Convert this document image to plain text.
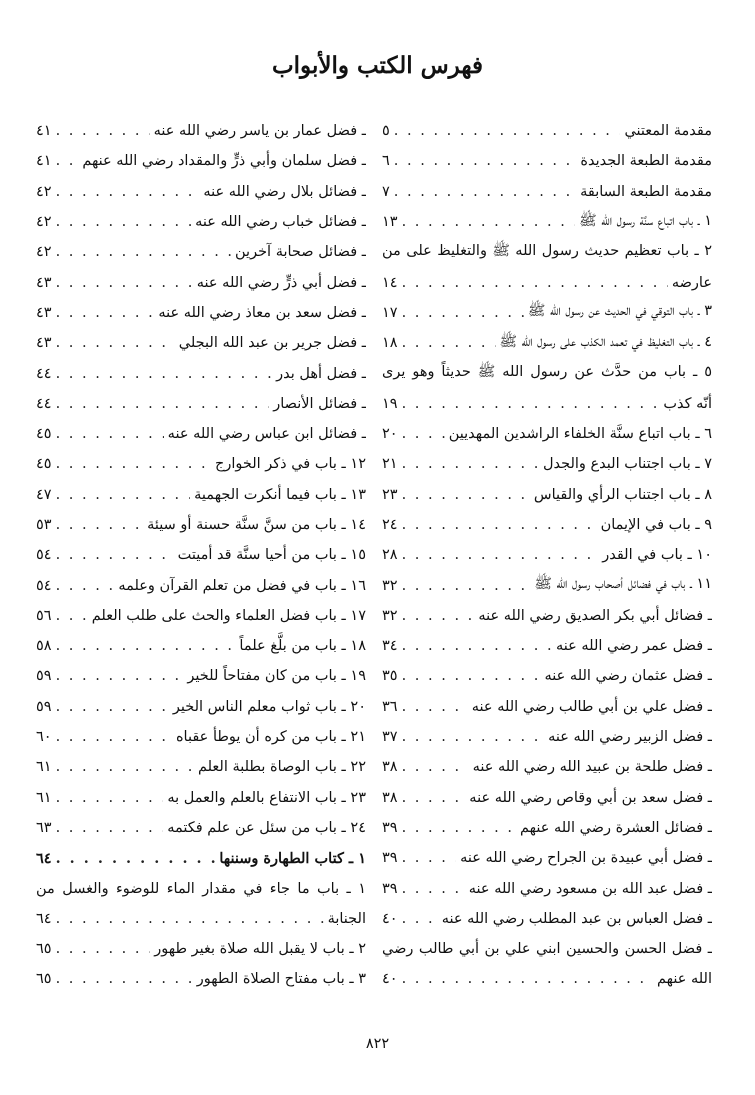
فهرس الكتب والأبواب
مقدمة المعتني
. . .
٥
مقدمة الطبعة الجديدة
. . .
٦
مقدمة الطبعة السابقة
. . .
٧
١ ـ باب اتباع سنَّة رسول الله ﷺ
. . .
١٣
٢ ـ باب تعظيم حديث رسول الله ﷺ والتغليظ على من
عارضه
. . .
١٤
٣ ـ باب التوقي في الحديث عن رسول الله ﷺ
. . .
١٧
٤ ـ باب التغليظ في تعمد الكذب على رسول الله ﷺ
. . .
١٨
٥ ـ باب من حدَّث عن رسول الله ﷺ حديثاً وهو يرى
أنّه كذب
. . .
١٩
٦ ـ باب اتباع سنَّة الخلفاء الراشدين المهديين
. . .
٢٠
٧ ـ باب اجتناب البدع والجدل
. . .
٢١
٨ ـ باب اجتناب الرأي والقياس
. . .
٢٣
٩ ـ باب في الإيمان
. . .
٢٤
١٠ ـ باب في القدر
. . .
٢٨
١١ ـ باب في فضائل أصحاب رسول الله ﷺ
. . .
٣٢
ـ فضائل أبي بكر الصديق رضي الله عنه
. . .
٣٢
ـ فضل عمر رضي الله عنه
. . .
٣٤
ـ فضل عثمان رضي الله عنه
. . .
٣٥
ـ فضل علي بن أبي طالب رضي الله عنه
. . .
٣٦
ـ فضل الزبير رضي الله عنه
. . .
٣٧
ـ فضل طلحة بن عبيد الله رضي الله عنه
. . .
٣٨
ـ فضل سعد بن أبي وقاص رضي الله عنه
. . .
٣٨
ـ فضائل العشرة رضي الله عنهم
. . .
٣٩
ـ فضل أبي عبيدة بن الجراح رضي الله عنه
. . .
٣٩
ـ فضل عبد الله بن مسعود رضي الله عنه
. . .
٣٩
ـ فضل العباس بن عبد المطلب رضي الله عنه
. . .
٤٠
ـ فضل الحسن والحسين ابني علي بن أبي طالب رضي
الله عنهم
. . .
٤٠
ـ فضل عمار بن ياسر رضي الله عنه
. . .
٤١
ـ فضل سلمان وأبي ذرٍّ والمقداد رضي الله عنهم
. . .
٤١
ـ فضائل بلال رضي الله عنه
. . .
٤٢
ـ فضائل خباب رضي الله عنه
. . .
٤٢
ـ فضائل صحابة آخرين
. . .
٤٢
ـ فضل أبي ذرٍّ رضي الله عنه
. . .
٤٣
ـ فضل سعد بن معاذ رضي الله عنه
. . .
٤٣
ـ فضل جرير بن عبد الله البجلي
. . .
٤٣
ـ فضل أهل بدر
. . .
٤٤
ـ فضائل الأنصار
. . .
٤٤
ـ فضائل ابن عباس رضي الله عنه
. . .
٤٥
١٢ ـ باب في ذكر الخوارج
. . .
٤٥
١٣ ـ باب فيما أنكرت الجهمية
. . .
٤٧
١٤ ـ باب من سنَّ سنَّة حسنة أو سيئة
. . .
٥٣
١٥ ـ باب من أحيا سنَّة قد أميتت
. . .
٥٤
١٦ ـ باب في فضل من تعلم القرآن وعلمه
. . .
٥٤
١٧ ـ باب فضل العلماء والحث على طلب العلم
. . .
٥٦
١٨ ـ باب من بلَّغ علماً
. . .
٥٨
١٩ ـ باب من كان مفتاحاً للخير
. . .
٥٩
٢٠ ـ باب ثواب معلم الناس الخير
. . .
٥٩
٢١ ـ باب من كره أن يوطأ عقباه
. . .
٦٠
٢٢ ـ باب الوصاة بطلبة العلم
. . .
٦١
٢٣ ـ باب الانتفاع بالعلم والعمل به
. . .
٦١
٢٤ ـ باب من سئل عن علم فكتمه
. . .
٦٣
١ ـ كتاب الطهارة وسننها
. . .
٦٤
١ ـ باب ما جاء في مقدار الماء للوضوء والغسل من
الجنابة
. . .
٦٤
٢ ـ باب لا يقبل الله صلاة بغير طهور
. . .
٦٥
٣ ـ باب مفتاح الصلاة الطهور
. . .
٦٥
٨٢٢
